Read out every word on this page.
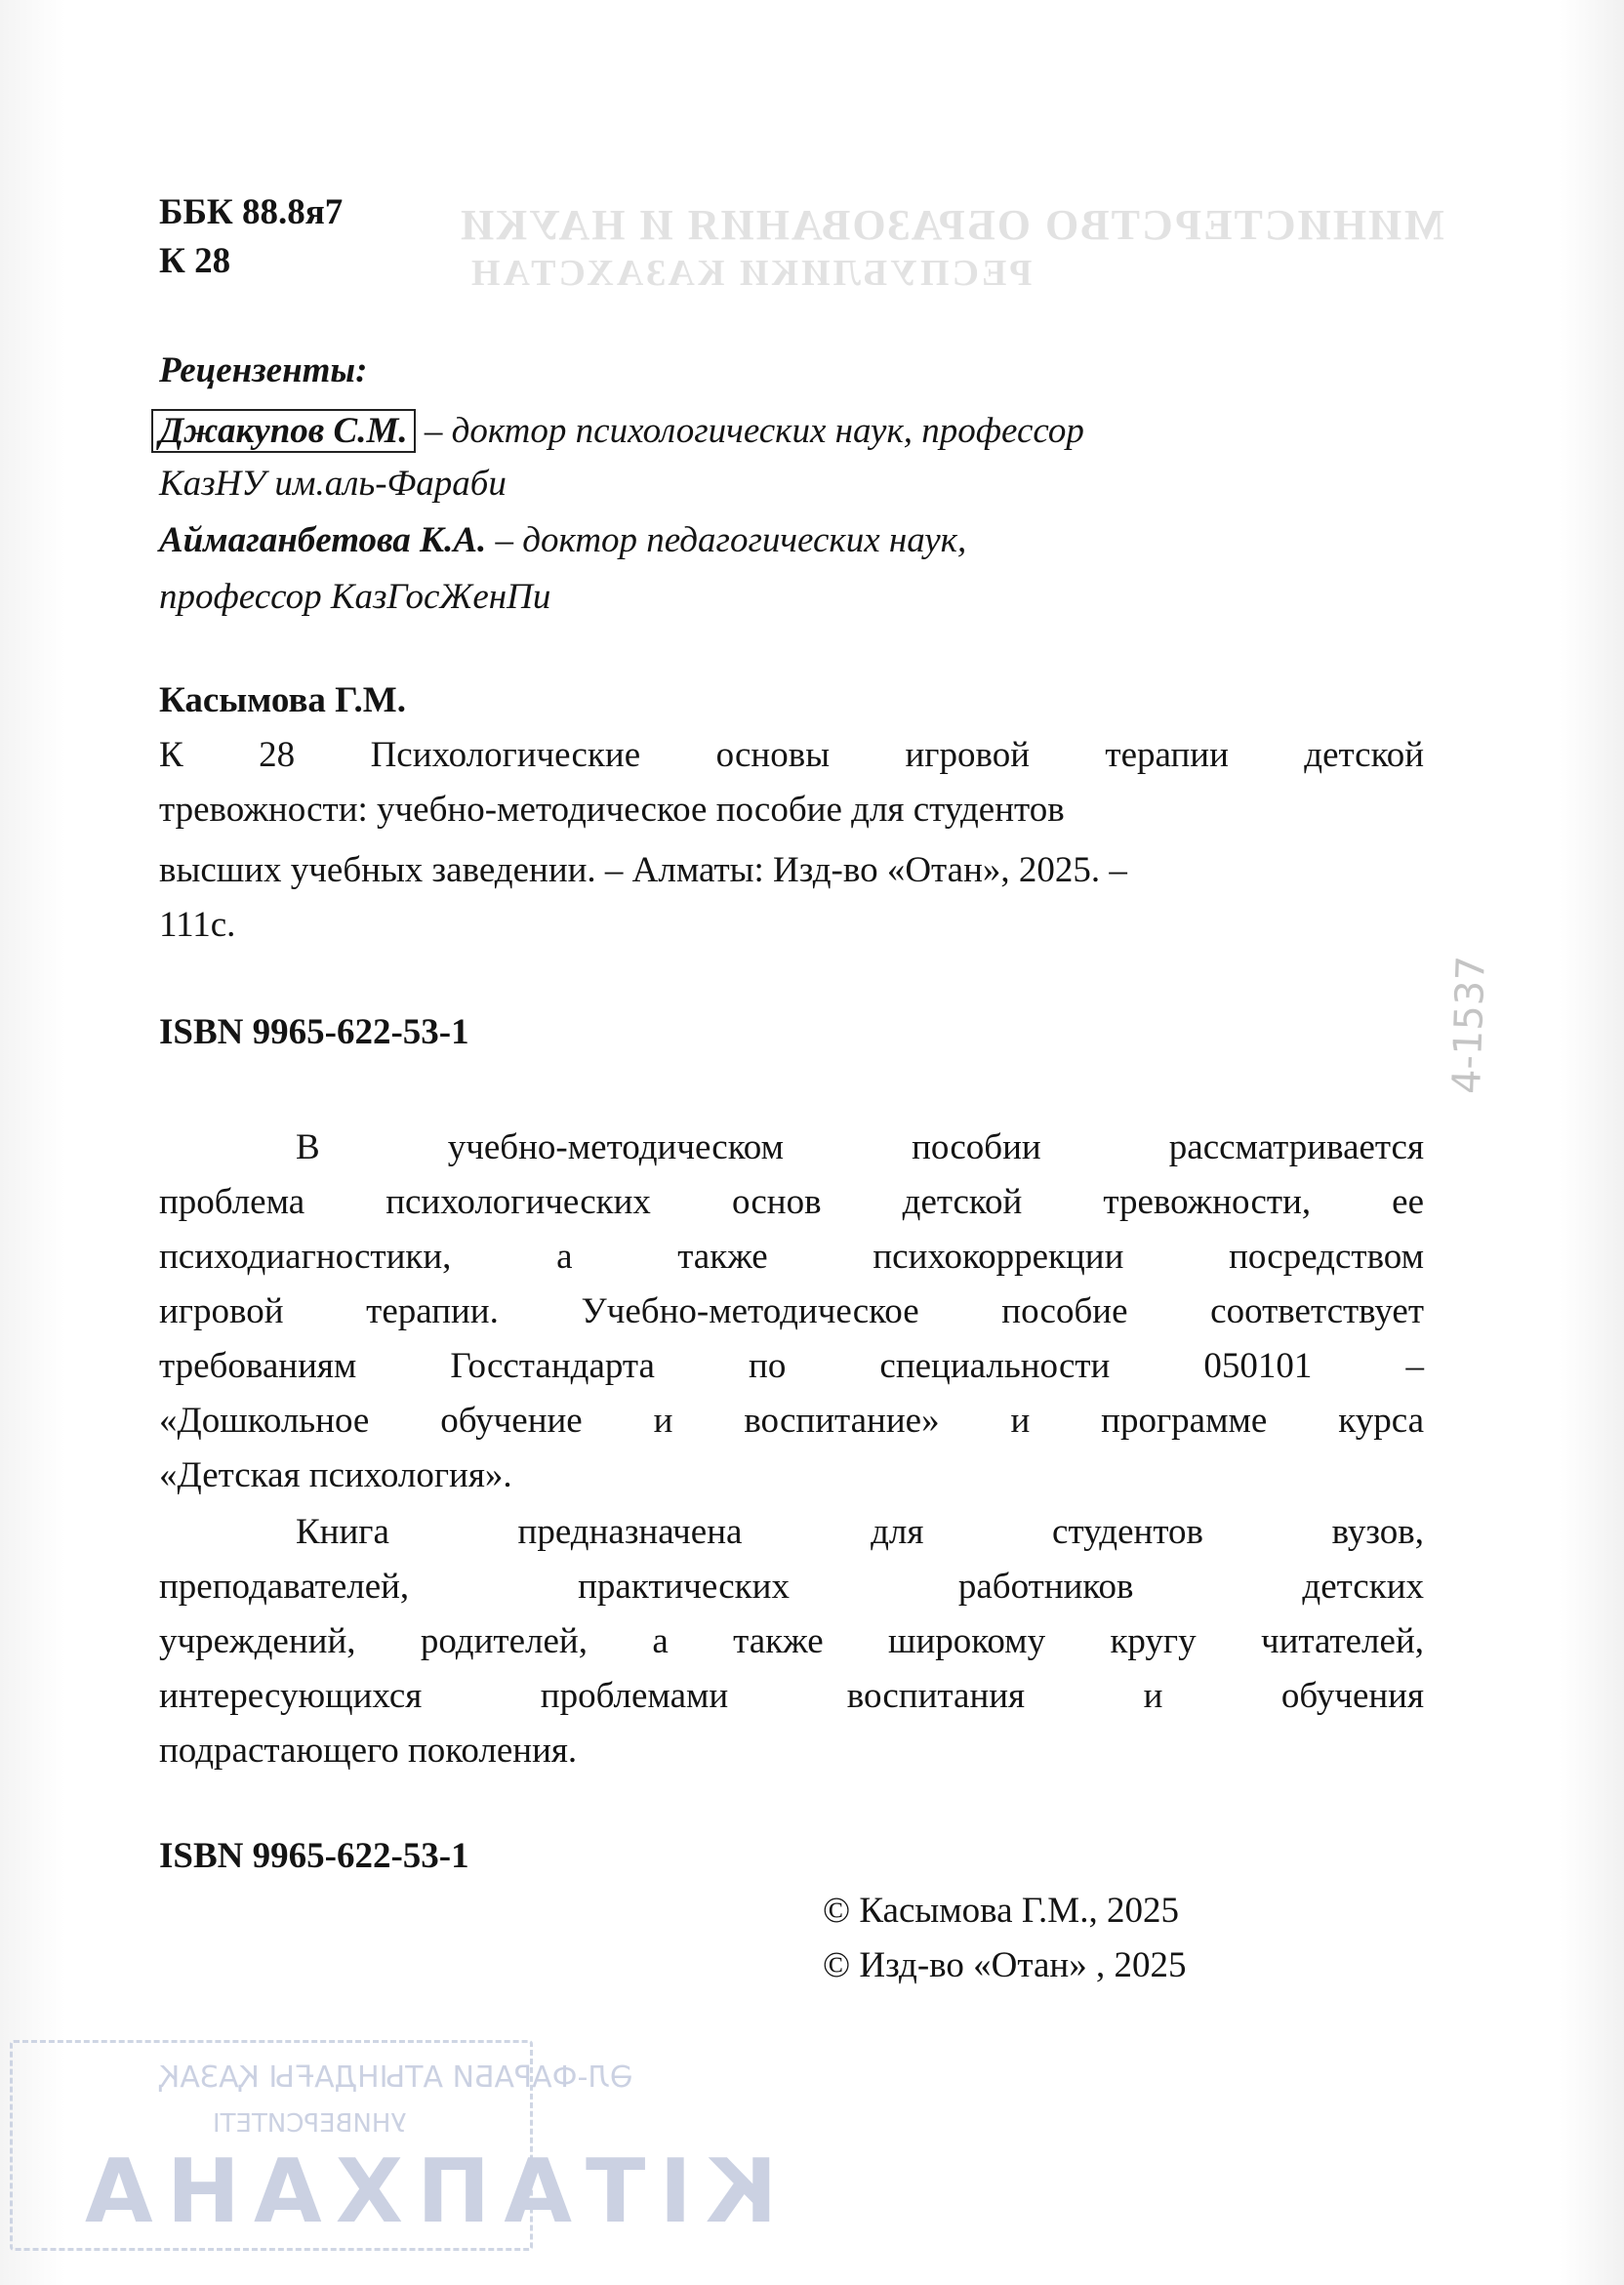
МИНИСТЕРСТВО ОБРАЗОВАНИЯ И НАУКИ
РЕСПУБЛИКИ КАЗАХСТАН
4-1537
ББК 88.8я7
К 28
Рецензенты:
Джакупов С.М. – доктор психологических наук, профессор
КазНУ им.аль-Фараби
Аймаганбетова К.А. – доктор педагогических наук,
профессор КазГосЖенПи
Касымова Г.М.
К 28 Психологические основы игровой терапии детской
тревожности: учебно-методическое пособие для студентов
высших учебных заведении. – Алматы: Изд-во «Отан», 2025. –
111с.
ISBN 9965-622-53-1
В учебно-методическом пособии рассматривается
проблема психологических основ детской тревожности, ее
психодиагностики, а также психокоррекции посредством
игровой терапии. Учебно-методическое пособие соответствует
требованиям Госстандарта по специальности 050101 –
«Дошкольное обучение и воспитание» и программе курса
«Детская психология».
Книга предназначена для студентов вузов,
преподавателей, практических работников детских
учреждений, родителей, а также широкому кругу читателей,
интересующихся проблемами воспитания и обучения
подрастающего поколения.
ISBN 9965-622-53-1
© Касымова Г.М., 2025
© Изд-во «Отан» , 2025
ӘЛ-ФАРАБИ АТЫНДАҒЫ ҚАЗАҚ
УНИВЕРСИТЕТІ
КІТАПХАНА
